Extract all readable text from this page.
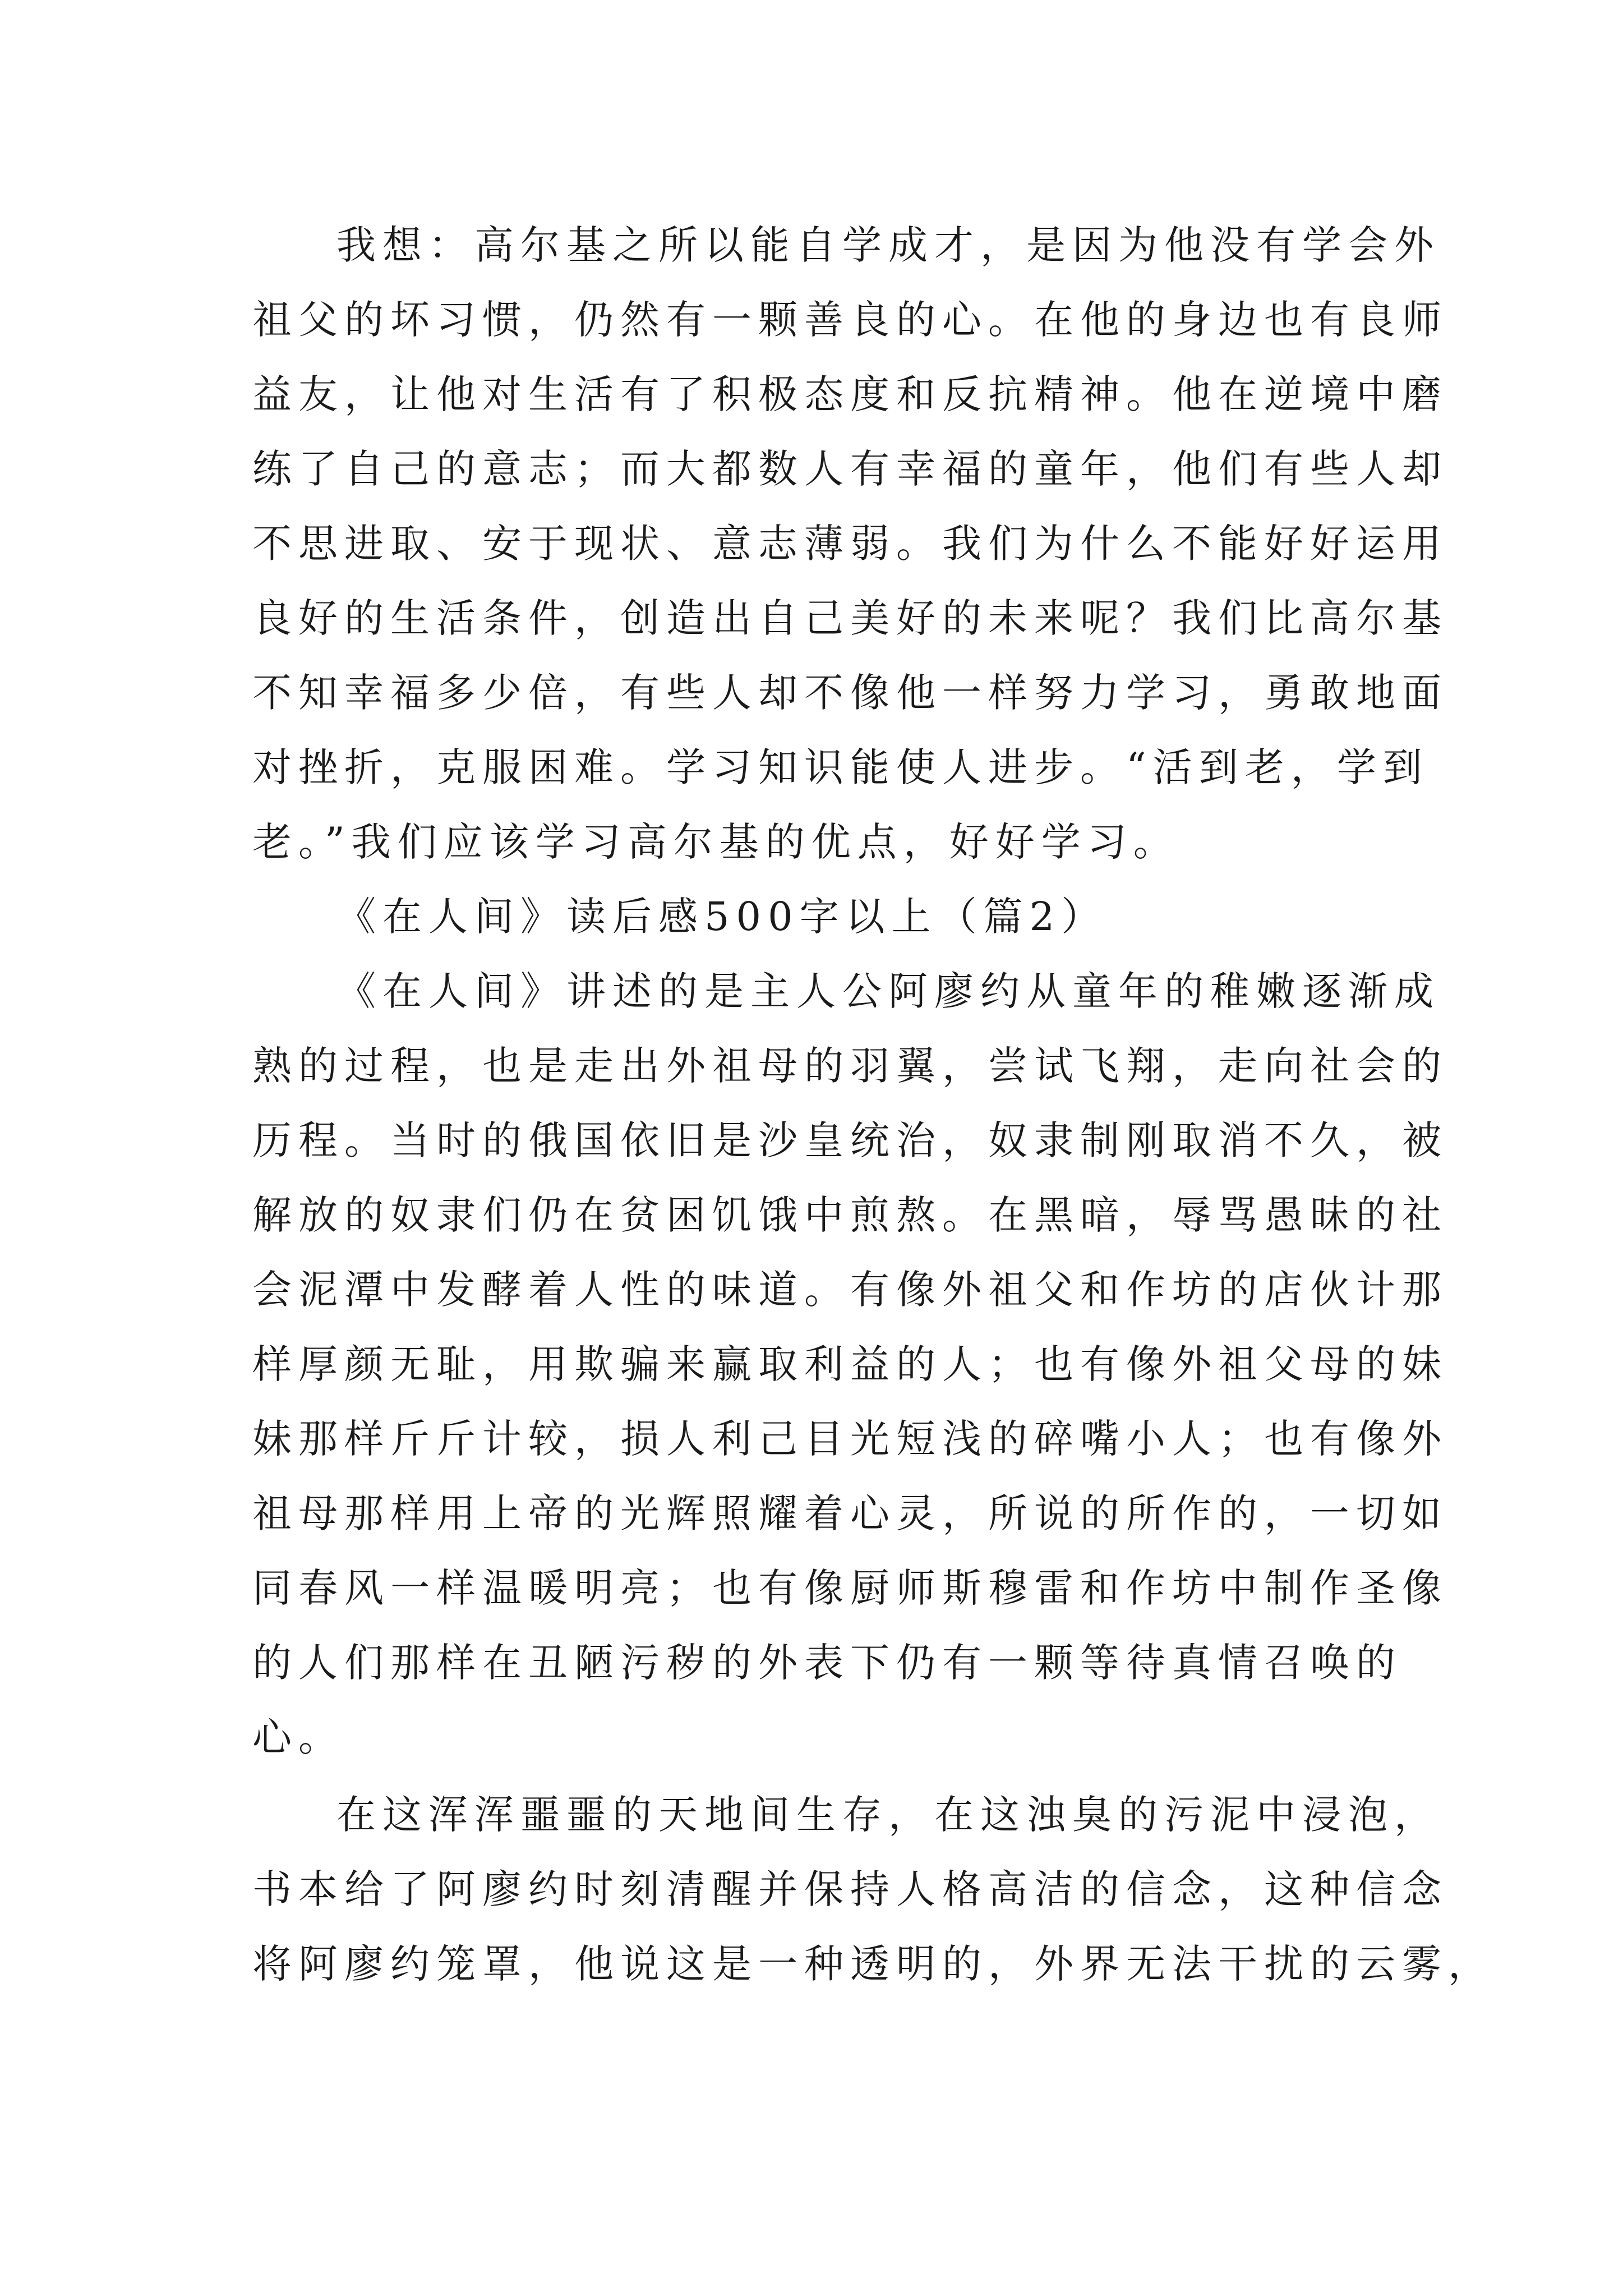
我想：高尔基之所以能自学成才，是因为他没有学会外
祖父的坏习惯，仍然有一颗善良的心。在他的身边也有良师
益友，让他对生活有了积极态度和反抗精神。他在逆境中磨
练了自己的意志；而大都数人有幸福的童年，他们有些人却
不思进取、安于现状、意志薄弱。我们为什么不能好好运用
良好的生活条件，创造出自己美好的未来呢？我们比高尔基
不知幸福多少倍，有些人却不像他一样努力学习，勇敢地面
对挫折，克服困难。学习知识能使人进步。“活到老，学到
老。”我们应该学习高尔基的优点，好好学习。
《在人间》读后感500字以上（篇2）
《在人间》讲述的是主人公阿廖约从童年的稚嫩逐渐成
熟的过程，也是走出外祖母的羽翼，尝试飞翔，走向社会的
历程。当时的俄国依旧是沙皇统治，奴隶制刚取消不久，被
解放的奴隶们仍在贫困饥饿中煎熬。在黑暗，辱骂愚昧的社
会泥潭中发酵着人性的味道。有像外祖父和作坊的店伙计那
样厚颜无耻，用欺骗来赢取利益的人；也有像外祖父母的妹
妹那样斤斤计较，损人利己目光短浅的碎嘴小人；也有像外
祖母那样用上帝的光辉照耀着心灵，所说的所作的，一切如
同春风一样温暖明亮；也有像厨师斯穆雷和作坊中制作圣像
的人们那样在丑陋污秽的外表下仍有一颗等待真情召唤的
心。
在这浑浑噩噩的天地间生存，在这浊臭的污泥中浸泡，
书本给了阿廖约时刻清醒并保持人格高洁的信念，这种信念
将阿廖约笼罩，他说这是一种透明的，外界无法干扰的云雾，
